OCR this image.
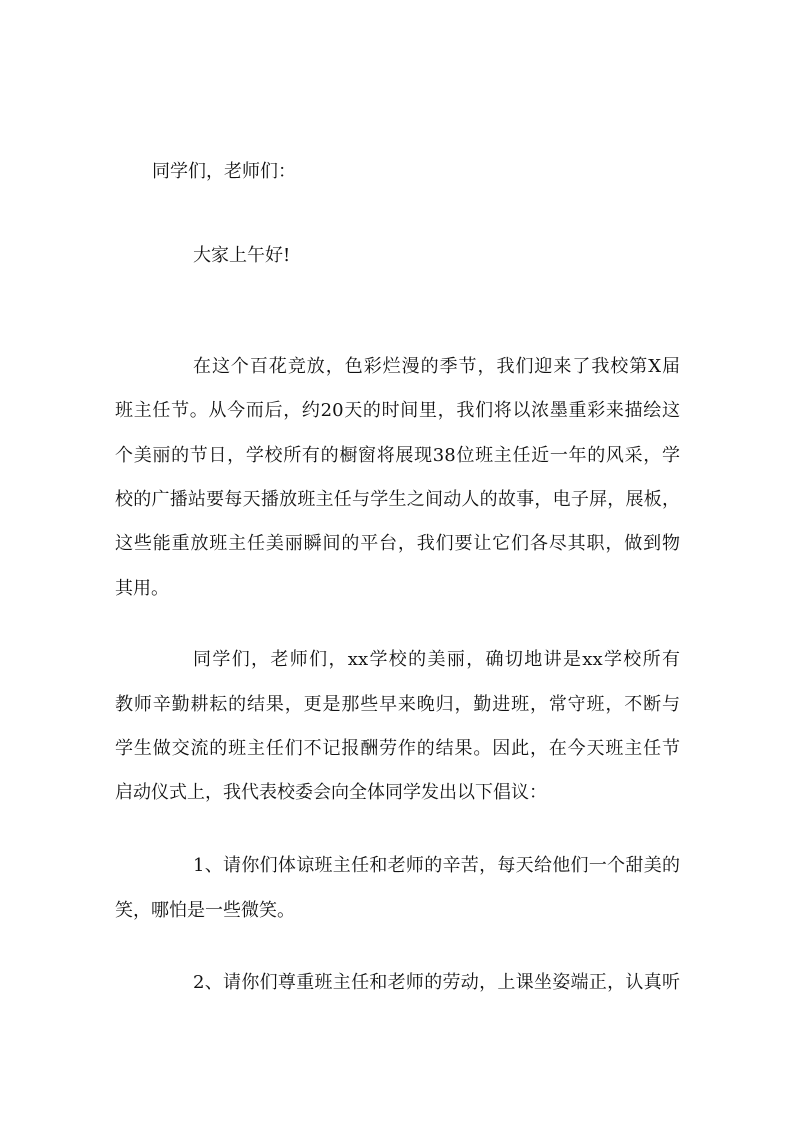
同学们，老师们：
大家上午好!
在这个百花竞放，色彩烂漫的季节，我们迎来了我校第X届
班主任节。从今而后，约20天的时间里，我们将以浓墨重彩来描绘这
个美丽的节日，学校所有的橱窗将展现38位班主任近一年的风采，学
校的广播站要每天播放班主任与学生之间动人的故事，电子屏，展板，
这些能重放班主任美丽瞬间的平台，我们要让它们各尽其职，做到物
其用。
同学们，老师们，xx学校的美丽，确切地讲是xx学校所有
教师辛勤耕耘的结果，更是那些早来晚归，勤进班，常守班，不断与
学生做交流的班主任们不记报酬劳作的结果。因此，在今天班主任节
启动仪式上，我代表校委会向全体同学发出以下倡议：
1、请你们体谅班主任和老师的辛苦，每天给他们一个甜美的
笑，哪怕是一些微笑。
2、请你们尊重班主任和老师的劳动，上课坐姿端正，认真听
